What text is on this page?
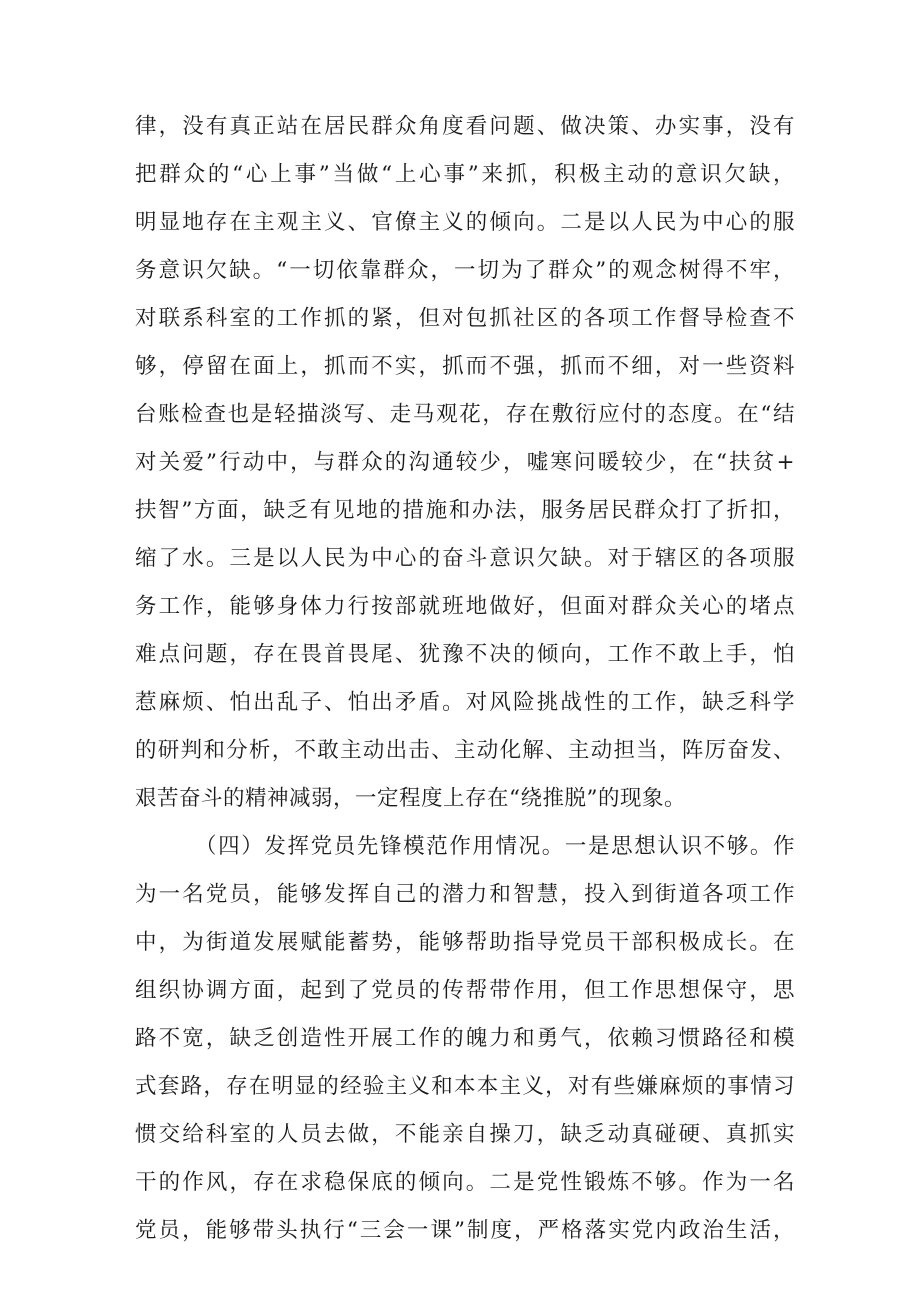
律，没有真正站在居民群众角度看问题、做决策、办实事，没有
把群众的“心上事”当做“上心事”来抓，积极主动的意识欠缺，
明显地存在主观主义、官僚主义的倾向。二是以人民为中心的服
务意识欠缺。“一切依靠群众，一切为了群众”的观念树得不牢，
对联系科室的工作抓的紧，但对包抓社区的各项工作督导检查不
够，停留在面上，抓而不实，抓而不强，抓而不细，对一些资料
台账检查也是轻描淡写、走马观花，存在敷衍应付的态度。在“结
对关爱”行动中，与群众的沟通较少，嘘寒问暖较少，在“扶贫+
扶智”方面，缺乏有见地的措施和办法，服务居民群众打了折扣，
缩了水。三是以人民为中心的奋斗意识欠缺。对于辖区的各项服
务工作，能够身体力行按部就班地做好，但面对群众关心的堵点
难点问题，存在畏首畏尾、犹豫不决的倾向，工作不敢上手，怕
惹麻烦、怕出乱子、怕出矛盾。对风险挑战性的工作，缺乏科学
的研判和分析，不敢主动出击、主动化解、主动担当，阵厉奋发、
艰苦奋斗的精神减弱，一定程度上存在“绕推脱”的现象。
（四）发挥党员先锋模范作用情况。一是思想认识不够。作
为一名党员，能够发挥自己的潜力和智慧，投入到街道各项工作
中，为街道发展赋能蓄势，能够帮助指导党员干部积极成长。在
组织协调方面，起到了党员的传帮带作用，但工作思想保守，思
路不宽，缺乏创造性开展工作的魄力和勇气，依赖习惯路径和模
式套路，存在明显的经验主义和本本主义，对有些嫌麻烦的事情习
惯交给科室的人员去做，不能亲自操刀，缺乏动真碰硬、真抓实
干的作风，存在求稳保底的倾向。二是党性锻炼不够。作为一名
党员，能够带头执行“三会一课”制度，严格落实党内政治生活，
